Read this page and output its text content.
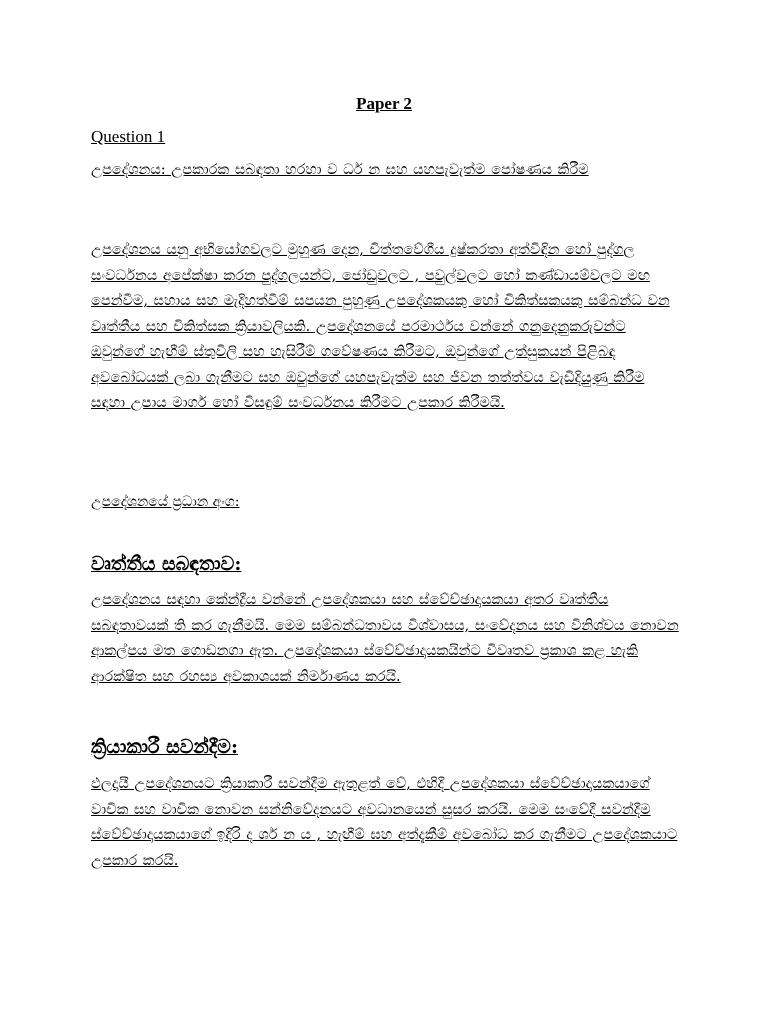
Paper 2

Question 1

උපදේශනය: උපකාරක සබඳතා හරහා ව ධර් න ඝහ යහපැවැත්ම පෝෂණය කිරීම

උපදේශනය යනු අභියෝගවලට මුහුණ දෙන, චිත්තවේගීය දුෂ්කරතා අත්විඳින හෝ පුද්ගල සංවර්ධනය අපේක්ෂා කරන පුද්ගලයන්ට, ජෝඩුවලට , පවුල්වලට හෝ කණ්ඩායම්වලට මඟ පෙන්වීම, සහාය සහ මැදිහත්වීම් සපයන පුහුණු උපදේශකයකු හෝ චිකිත්සකයකු සම්බන්ධ වන වෘත්තීය සහ චිකිත්සක ක්‍රියාවලියකි. උපදේශනයේ පරමාර්ථය වන්නේ ගනුදෙනුකරුවන්ට ඔවුන්ගේ හැඟීම් ස්තුවිලි සහ හැසිරීම් ගවේෂණය කිරීමට, ඔවුන්ගේ උත්සුකයන් පිළිබඳ අවබෝධයක් ලබා ගැනීමට සහ ඔවුන්ගේ යහපැවැත්ම සහ ජීවන තත්ත්වය වැඩිදියුණු කිරීම සඳහා උපාය මාර්ග හෝ විසඳුම් සංවර්ධනය කිරීමට උපකාර කිරීමයි.

උපදේශනයේ ප්‍රධාන අංග:

වෘත්තීය සබඳතාව:

උපදේශනය සඳහා කේන්ද්‍රීය වන්නේ උපදේශකයා සහ ස්වේච්ඡාදායකයා අතර වෘත්තීය සබඳතාවයක් ති කර ගැනීමයි. මෙම සම්බන්ධතාවය විශ්වාසය, සංවේදනය සහ විනිශ්චය නොවන ආකල්පය මත ගොඩනගා ඇත. උපදේශකයා ස්වේච්ඡාදායකයින්ට විවෘතව ප්‍රකාශ කළ හැකි ආරක්ෂිත සහ රහස්‍ය අවකාශයක් නිර්මාණය කරයි.

ක්‍රියාකාරී සවන්දීම:

ඵලදායී උපදේශනයට ක්‍රියාකාරී සවන්දීම ඇතුළත් වේ, එහිදී උපදේශකයා ස්වේච්ඡාදායකයාගේ වාචික සහ වාචික නොවන සන්නිවේදනයට අවධානයෙන් සුසර කරයි. මෙම සංවේදී සවන්දීම ස්වේච්ඡාදායකයාගේ ඉදිරි ද ශර් න ය , හැඟීම් ඝහ අත්දැකීම් අවබෝධ කර ගැනීමට උපදේශකයාට උපකාර කරයි.
